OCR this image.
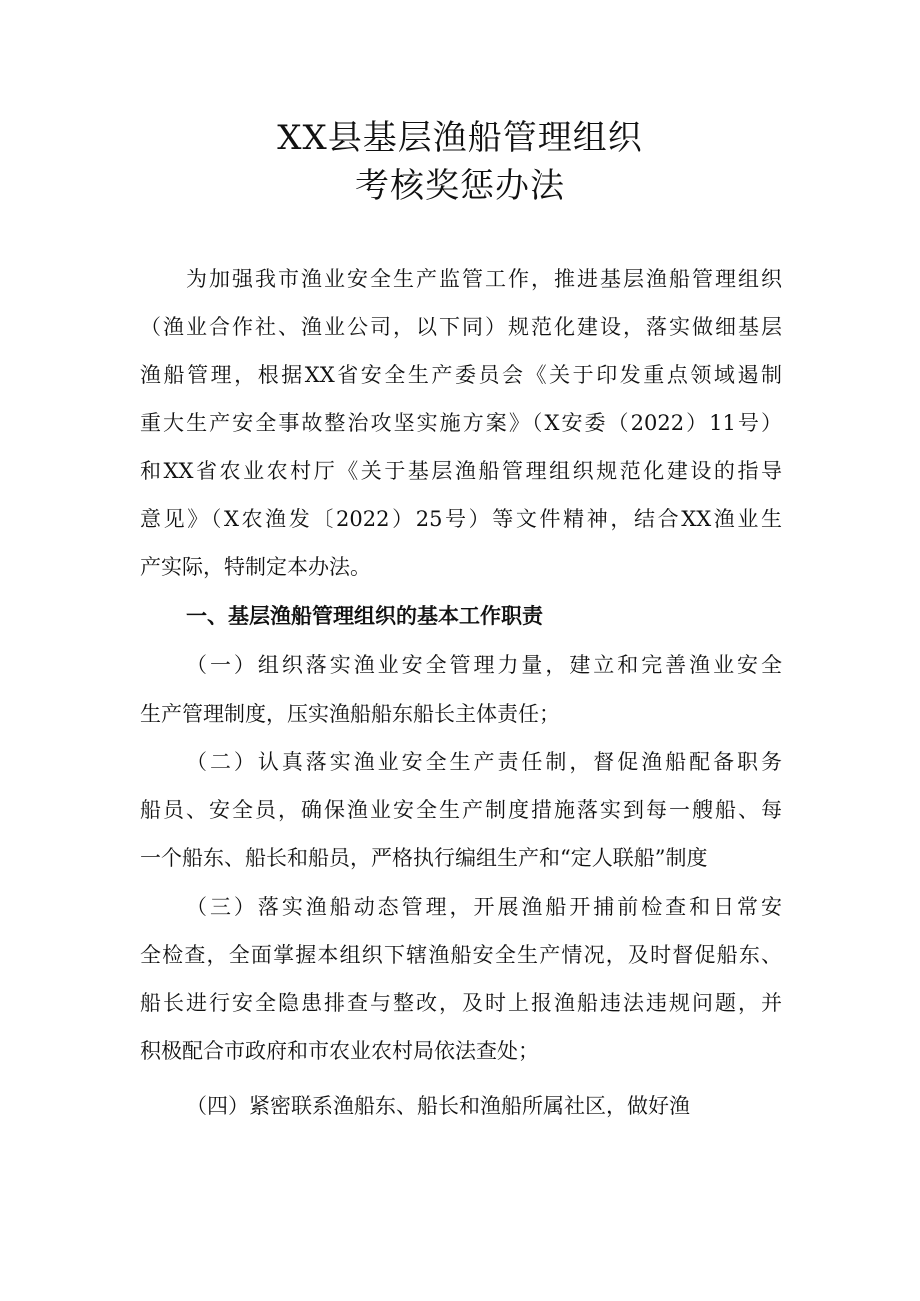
XX县基层渔船管理组织
考核奖惩办法
为加强我市渔业安全生产监管工作，推进基层渔船管理组织
（渔业合作社、渔业公司，以下同）规范化建设，落实做细基层
渔船管理，根据XX省安全生产委员会《关于印发重点领域遏制
重大生产安全事故整治攻坚实施方案》（X安委（2022）11号）
和XX省农业农村厅《关于基层渔船管理组织规范化建设的指导
意见》（X农渔发〔2022）25号）等文件精神，结合XX渔业生
产实际，特制定本办法。
一、基层渔船管理组织的基本工作职责
（一）组织落实渔业安全管理力量，建立和完善渔业安全
生产管理制度，压实渔船船东船长主体责任；
（二）认真落实渔业安全生产责任制，督促渔船配备职务
船员、安全员，确保渔业安全生产制度措施落实到每一艘船、每
一个船东、船长和船员，严格执行编组生产和“定人联船”制度
（三）落实渔船动态管理，开展渔船开捕前检查和日常安
全检查，全面掌握本组织下辖渔船安全生产情况，及时督促船东、
船长进行安全隐患排查与整改，及时上报渔船违法违规问题，并
积极配合市政府和市农业农村局依法查处；
（四）紧密联系渔船东、船长和渔船所属社区，做好渔
